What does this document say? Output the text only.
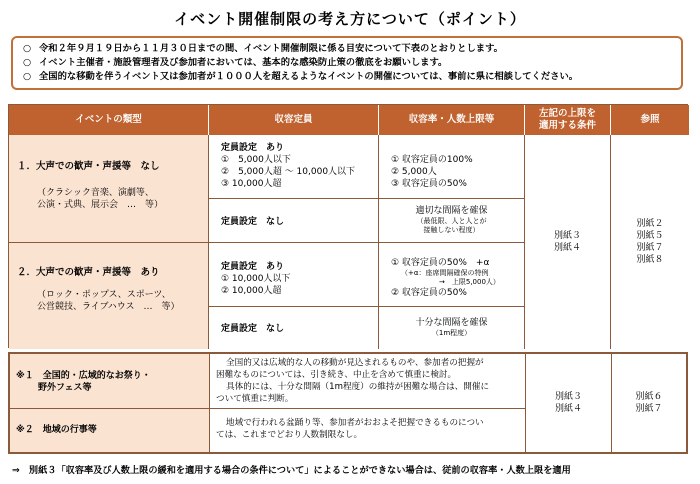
イベント開催制限の考え方について（ポイント）
○ 令和２年９月１９日から１１月３０日までの間、イベント開催制限に係る目安について下表のとおりとします。
○ イベント主催者・施設管理者及び参加者においては、基本的な感染防止策の徹底をお願いします。
○ 全国的な移動を伴うイベント又は参加者が１０００人を超えるようなイベントの開催については、事前に県に相談してください。
イベントの類型	収容定員	収容率・人数上限等
左記の上限を
適用する条件
参照
１．大声での歓声・声援等　なし
（クラシック音楽、演劇等、
公演・式典、展示会　…　等）
定員設定　あり
①　5,000人以下
②　5,000人超 ～ 10,000人以下
③ 10,000人超
① 収容定員の100%
② 5,000人
③ 収容定員の50%
定員設定　なし
適切な間隔を確保
（最低限、人と人とが
接触しない程度）
２．大声での歓声・声援等　あり
（ロック・ポップス、スポーツ、
公営競技、ライブハウス　…　等）
定員設定　あり
① 10,000人以下
② 10,000人超
① 収容定員の50%　+α
（+α：座席間隔確保の特例
→　上限5,000人）
② 収容定員の50%
定員設定　なし
十分な間隔を確保
（1m程度）
別紙３
別紙４
別紙２
別紙５
別紙７
別紙８
※１　全国的・広域的なお祭り・
野外フェス等
全国的又は広域的な人の移動が見込まれるものや、参加者の把握が
困難なものについては、引き続き、中止を含めて慎重に検討。
具体的には、十分な間隔（1m程度）の維持が困難な場合は、開催に
ついて慎重に判断。
※２　地域の行事等
地域で行われる盆踊り等、参加者がおおよそ把握できるものについ
ては、これまでどおり人数制限なし。
別紙３
別紙４
別紙６
別紙７
⇒　別紙３「収容率及び人数上限の緩和を適用する場合の条件について」によることができない場合は、従前の収容率・人数上限を適用
